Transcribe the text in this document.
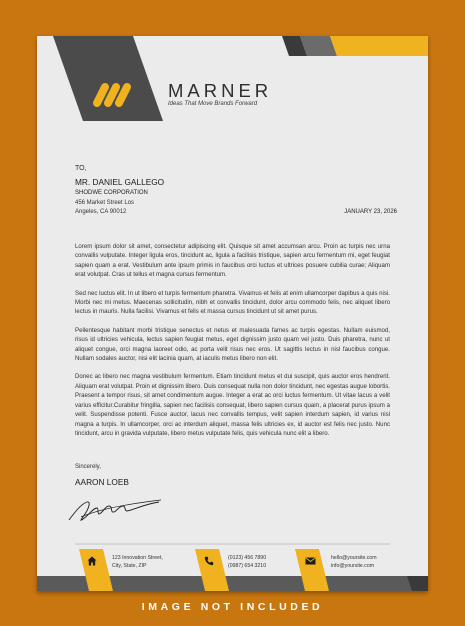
MARNER
Ideas That Move Brands Forward
TO,
MR. DANIEL GALLEGO
SHODWE CORPORATION
456 Market Street Los
Angeles, CA 90012	JANUARY 23, 2026

Lorem ipsum dolor sit amet, consectetur adipiscing elit. Quisque sit amet accumsan arcu. Proin ac turpis nec urna convallis vulputate. Integer ligula eros, tincidunt ac, ligula a facilisis tristique, sapien arcu fermentum mi, eget feugiat sapien quam a erat. Vestibulum ante ipsum primis in faucibus orci luctus et ultrices posuere cubilia curae; Aliquam erat volutpat. Cras ut tellus et magna cursus fermentum.

Sed nec luctus elit. In ut libero et turpis fermentum pharetra. Vivamus et felis at enim ullamcorper dapibus a quis nisi. Morbi nec mi metus. Maecenas sollicitudin, nibh et convallis tincidunt, dolor arcu commodo felis, nec aliquet libero lectus in mauris. Nulla facilisi. Vivamus et felis et massa cursus tincidunt ut sit amet purus.

Pellentesque habitant morbi tristique senectus et netus et malesuada fames ac turpis egestas. Nullam euismod, risus id ultricies vehicula, lectus sapien feugiat metus, eget dignissim justo quam vel justo. Duis pharetra, nunc ut aliquet congue, orci magna laoreet odio, ac porta velit risus nec eros. Ut sagittis lectus in nisl faucibus congue. Nullam sodales auctor, nisi elit lacinia quam, at iaculis metus libero non elit.

Donec ac libero nec magna vestibulum fermentum. Etiam tincidunt metus et dui suscipit, quis auctor eros hendrerit. Aliquam erat volutpat. Proin et dignissim libero. Duis consequat nulla non dolor tincidunt, nec egestas augue lobortis. Praesent a tempor risus, sit amet condimentum augue. Integer a erat ac orci luctus fermentum. Ut vitae lacus a velit varius efficitur.Curabitur fringilla, sapien nec facilisis consequat, libero sapien cursus quam, a placerat purus ipsum a velit. Suspendisse potenti. Fusce auctor, lacus nec convallis tempus, velit sapien interdum sapien, id varius nisl magna a turpis. In ullamcorper, orci ac interdum aliquet, massa felis ultricies ex, id auctor est felis nec justo. Nunc tincidunt, arcu in gravida vulputate, libero metus vulputate felis, quis vehicula nunc elit a libero.

Sincerely,
AARON LOEB
123 Innovation Street,
City, State, ZIP
(0123) 456 7890
(0987) 654 3210
hello@yoursite.com
info@yoursite.com
IMAGE NOT INCLUDED
